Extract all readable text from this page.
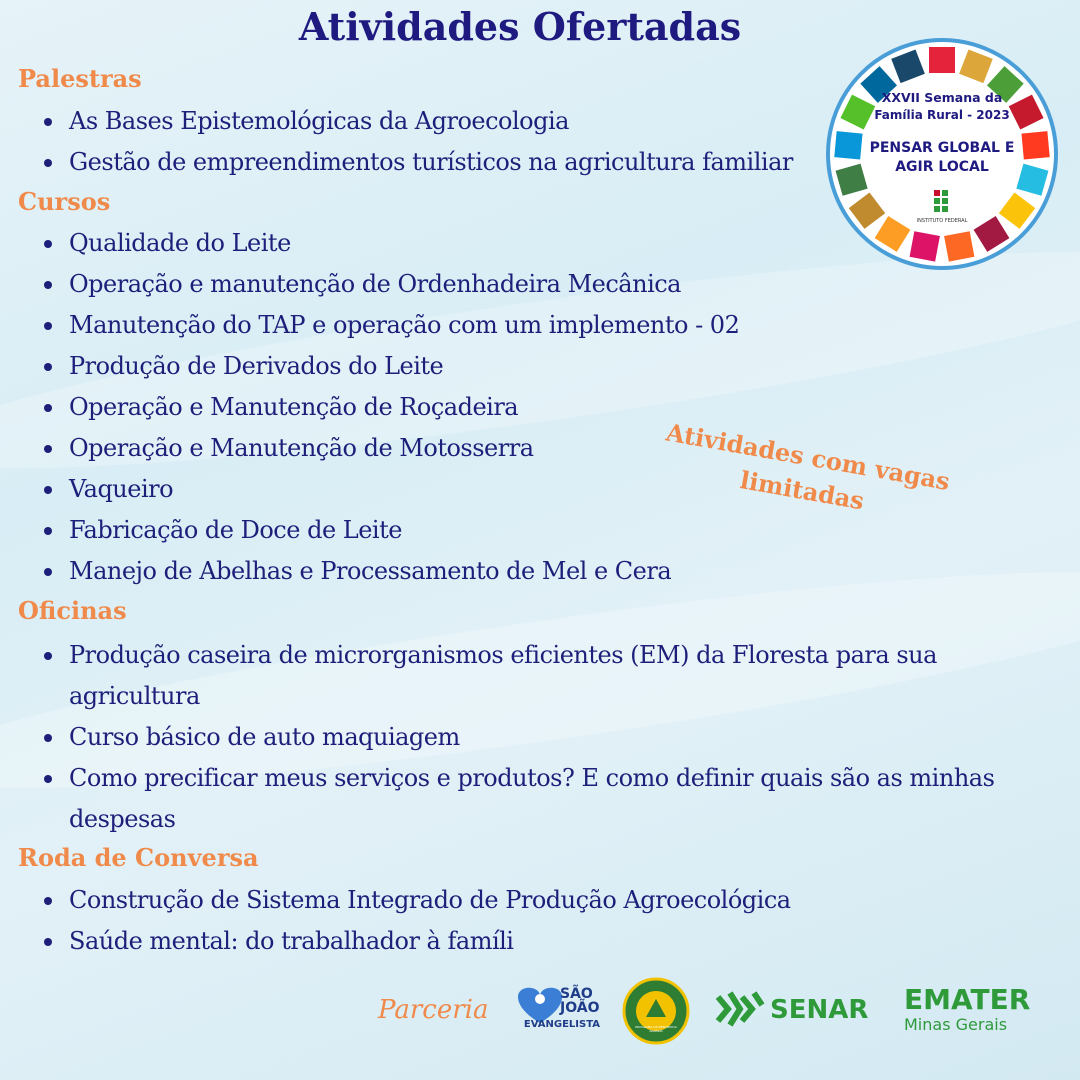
Atividades Ofertadas
Palestras
As Bases Epistemológicas da Agroecologia
Gestão de empreendimentos turísticos na agricultura familiar
Cursos
Qualidade do Leite
Operação e manutenção de Ordenhadeira Mecânica
Manutenção do TAP e operação com um implemento - 02
Produção de Derivados do Leite
Operação e Manutenção de Roçadeira
Operação e Manutenção de Motosserra
Vaqueiro
Fabricação de Doce de Leite
Manejo de Abelhas e Processamento de Mel e Cera
Oficinas
Produção caseira de microrganismos eficientes (EM) da Floresta para sua agricultura
Curso básico de auto maquiagem
Como precificar meus serviços e produtos? E como definir quais são as minhas despesas
Roda de Conversa
Construção de Sistema Integrado de Produção Agroecológica
Saúde mental: do trabalhador à famíli
Atividades com vagas limitadas
XXVII Semana da
Família Rural - 2023
PENSAR GLOBAL E
AGIR LOCAL
INSTITUTO FEDERAL
Parceria
SÃO
JOÃO
EVANGELISTA	PROGRAMA DE RESIDÊNCIA AGRÁRIA
SENAR EMATER
Minas Gerais
